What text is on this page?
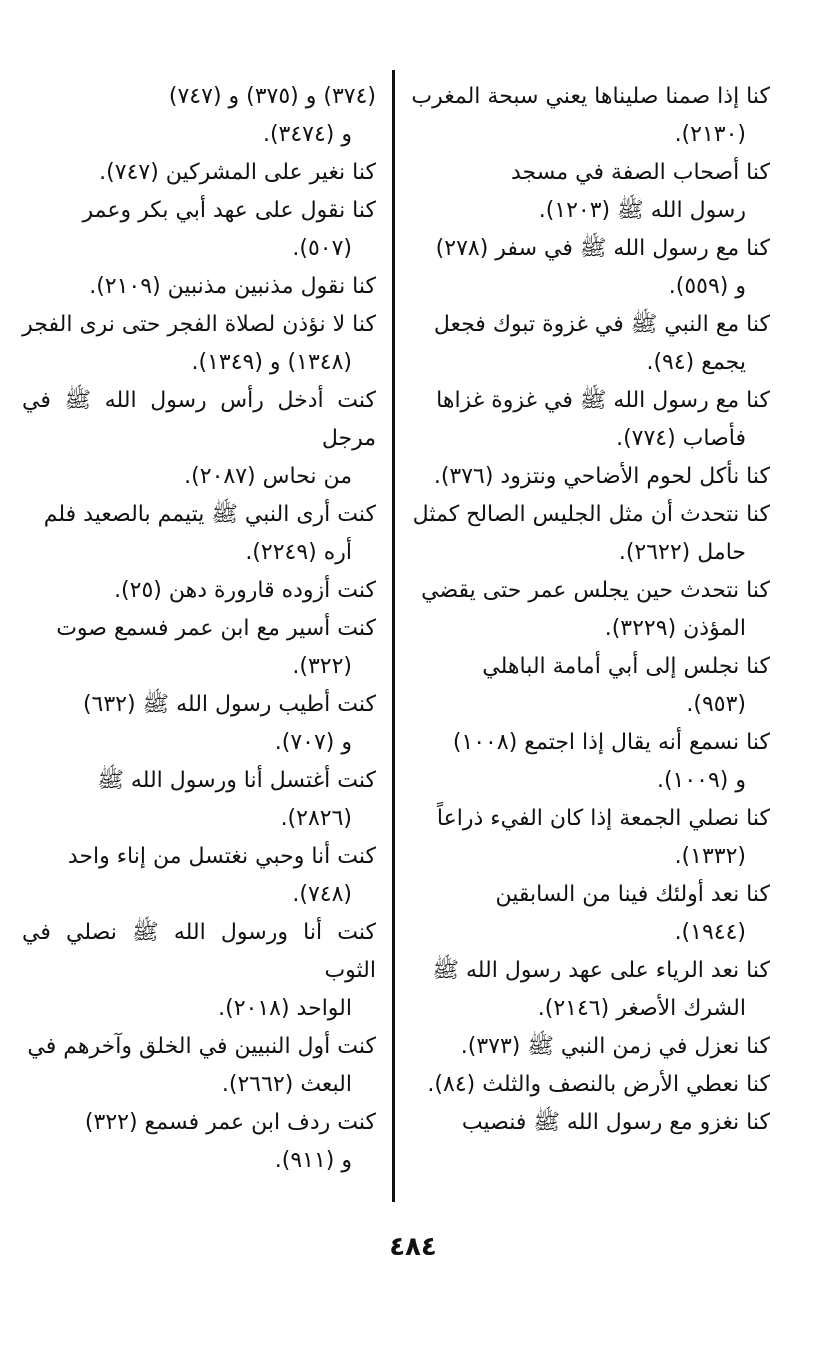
كنا إذا صمنا صليناها يعني سبحة المغرب
(٢١٣٠).
كنا أصحاب الصفة في مسجد
رسول الله ﷺ (١٢٠٣).
كنا مع رسول الله ﷺ في سفر (٢٧٨)
و (٥٥٩).
كنا مع النبي ﷺ في غزوة تبوك فجعل
يجمع (٩٤).
كنا مع رسول الله ﷺ في غزوة غزاها
فأصاب (٧٧٤).
كنا نأكل لحوم الأضاحي ونتزود (٣٧٦).
كنا نتحدث أن مثل الجليس الصالح كمثل
حامل (٢٦٢٢).
كنا نتحدث حين يجلس عمر حتى يقضي
المؤذن (٣٢٢٩).
كنا نجلس إلى أبي أمامة الباهلي
(٩٥٣).
كنا نسمع أنه يقال إذا اجتمع (١٠٠٨)
و (١٠٠٩).
كنا نصلي الجمعة إذا كان الفيء ذراعاً
(١٣٣٢).
كنا نعد أولئك فينا من السابقين
(١٩٤٤).
كنا نعد الرياء على عهد رسول الله ﷺ
الشرك الأصغر (٢١٤٦).
كنا نعزل في زمن النبي ﷺ (٣٧٣).
كنا نعطي الأرض بالنصف والثلث (٨٤).
كنا نغزو مع رسول الله ﷺ فنصيب
(٣٧٤) و (٣٧٥) و (٧٤٧)
و (٣٤٧٤).
كنا نغير على المشركين (٧٤٧).
كنا نقول على عهد أبي بكر وعمر
(٥٠٧).
كنا نقول مذنبين مذنبين (٢١٠٩).
كنا لا نؤذن لصلاة الفجر حتى نرى الفجر
(١٣٤٨) و (١٣٤٩).
كنت أدخل رأس رسول الله ﷺ في مرجل
من نحاس (٢٠٨٧).
كنت أرى النبي ﷺ يتيمم بالصعيد فلم
أره (٢٢٤٩).
كنت أزوده قارورة دهن (٢٥).
كنت أسير مع ابن عمر فسمع صوت
(٣٢٢).
كنت أطيب رسول الله ﷺ (٦٣٢)
و (٧٠٧).
كنت أغتسل أنا ورسول الله ﷺ
(٢٨٢٦).
كنت أنا وحبي نغتسل من إناء واحد
(٧٤٨).
كنت أنا ورسول الله ﷺ نصلي في الثوب
الواحد (٢٠١٨).
كنت أول النبيين في الخلق وآخرهم في
البعث (٢٦٦٢).
كنت ردف ابن عمر فسمع (٣٢٢)
و (٩١١).
٤٨٤
